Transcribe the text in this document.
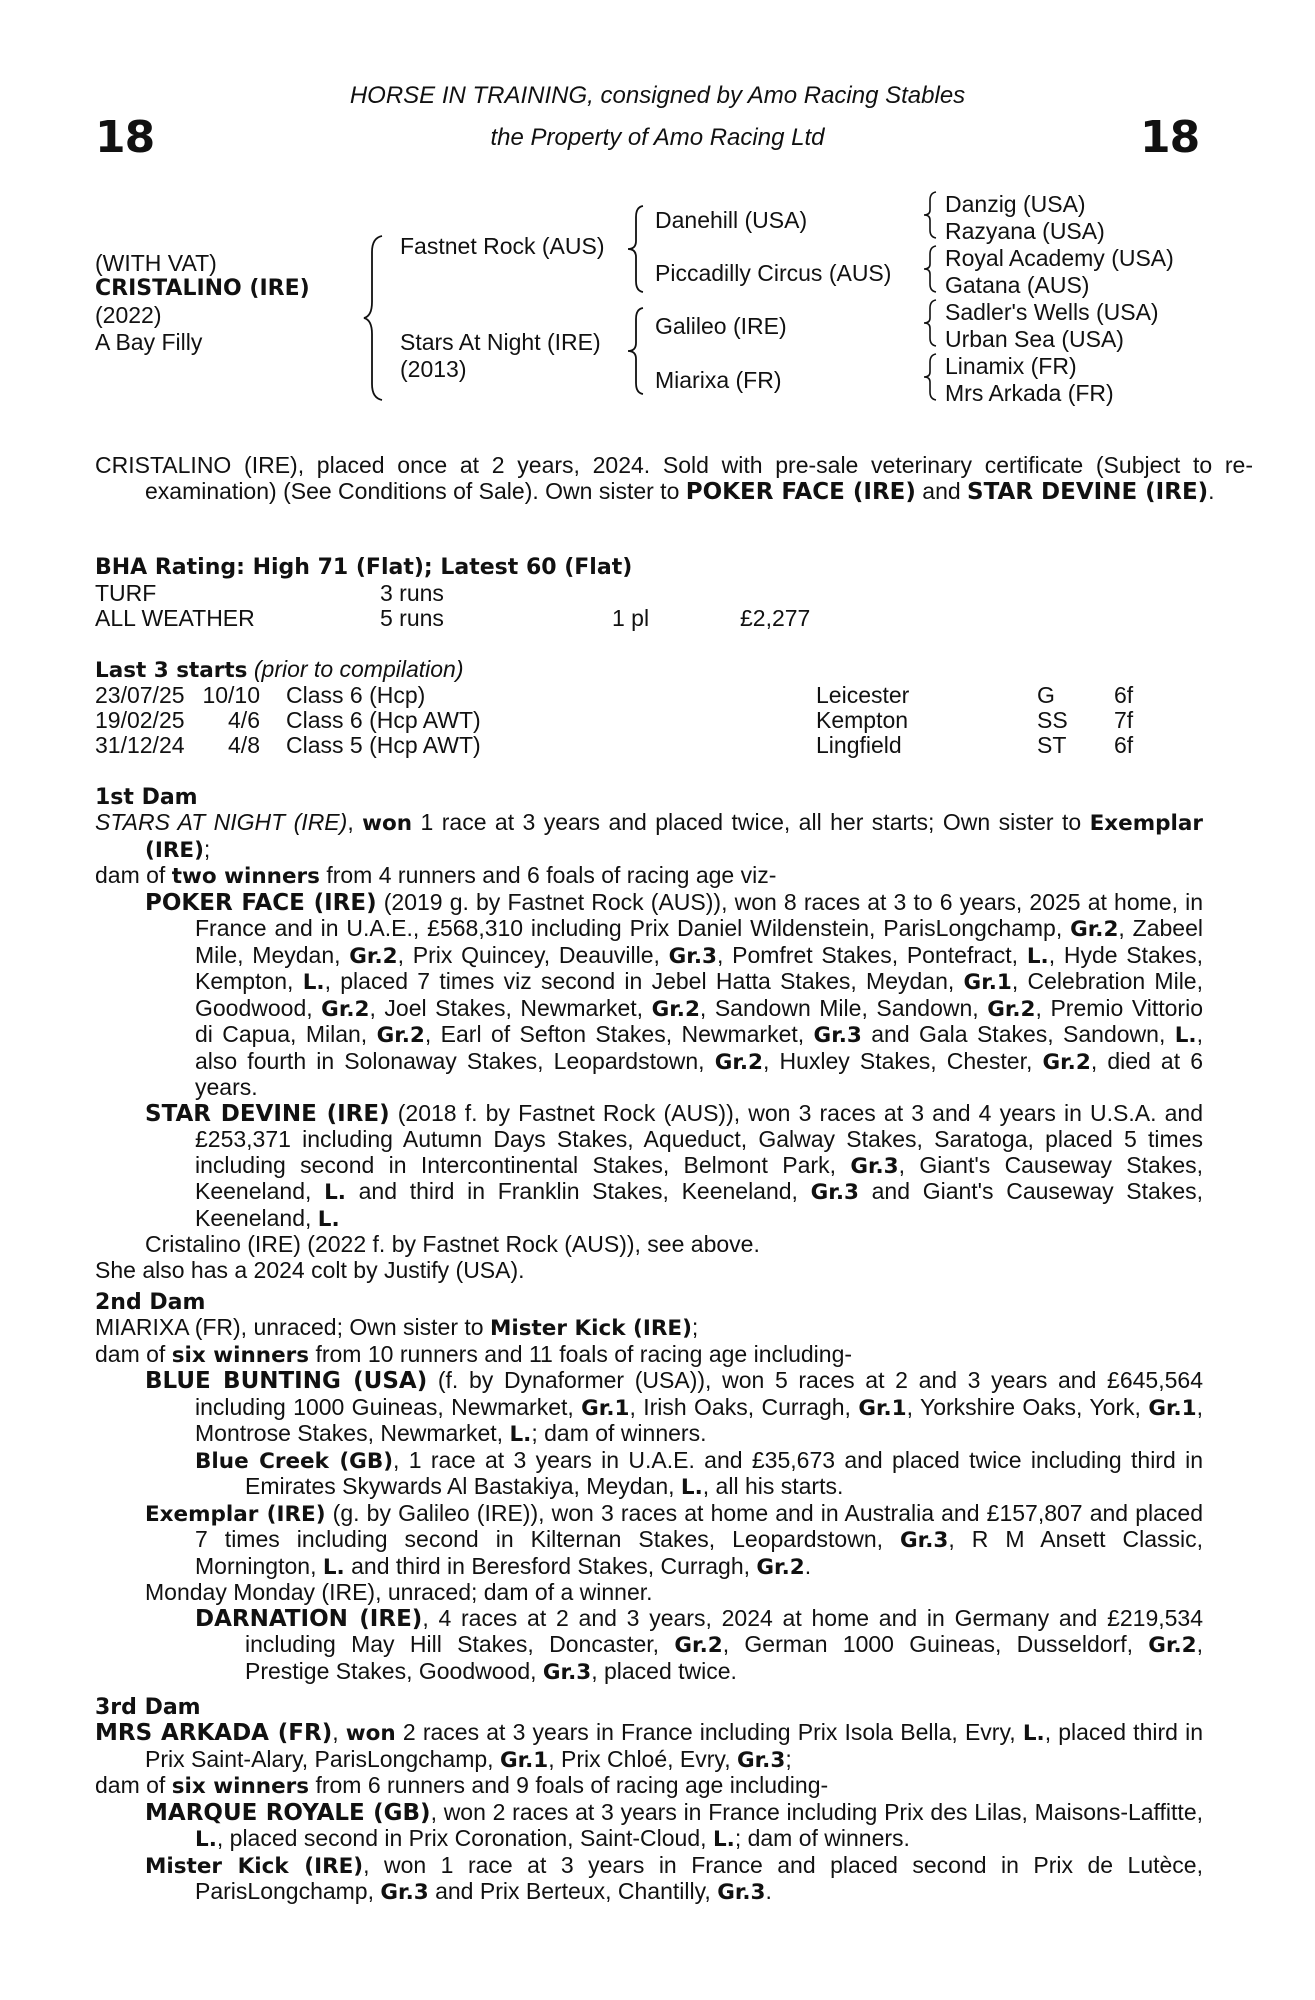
18
HORSE IN TRAINING, consigned by Amo Racing Stables
the Property of Amo Racing Ltd	18
(WITH VAT)
CRISTALINO (IRE)
(2022)
A Bay Filly
Fastnet Rock (AUS)
Stars At Night (IRE)
(2013)
Danehill (USA)
Piccadilly Circus (AUS)
Galileo (IRE)
Miarixa (FR)
Danzig (USA)
Razyana (USA)
Royal Academy (USA)
Gatana (AUS)
Sadler's Wells (USA)
Urban Sea (USA)
Linamix (FR)
Mrs Arkada (FR)
CRISTALINO (IRE), placed once at 2 years, 2024. Sold with pre-sale veterinary certificate (Subject to re-examination) (See Conditions of Sale). Own sister to POKER FACE (IRE) and STAR DEVINE (IRE).
BHA Rating: High 71 (Flat); Latest 60 (Flat)
TURF	3 runs
ALL WEATHER	5 runs	1 pl	£2,277
Last 3 starts (prior to compilation)
23/07/25 10/10 Class 6 (Hcp)	Leicester	G	6f
19/02/25	4/6 Class 6 (Hcp AWT)	Kempton	SS 7f
31/12/24	4/8 Class 5 (Hcp AWT)	Lingfield	ST 6f
1st Dam
STARS AT NIGHT (IRE), won 1 race at 3 years and placed twice, all her starts; Own sister to Exemplar (IRE);
dam of two winners from 4 runners and 6 foals of racing age viz-
POKER FACE (IRE) (2019 g. by Fastnet Rock (AUS)), won 8 races at 3 to 6 years, 2025 at home, in France and in U.A.E., £568,310 including Prix Daniel Wildenstein, ParisLongchamp, Gr.2, Zabeel Mile, Meydan, Gr.2, Prix Quincey, Deauville, Gr.3, Pomfret Stakes, Pontefract, L., Hyde Stakes, Kempton, L., placed 7 times viz second in Jebel Hatta Stakes, Meydan, Gr.1, Celebration Mile, Goodwood, Gr.2, Joel Stakes, Newmarket, Gr.2, Sandown Mile, Sandown, Gr.2, Premio Vittorio di Capua, Milan, Gr.2, Earl of Sefton Stakes, Newmarket, Gr.3 and Gala Stakes, Sandown, L., also fourth in Solonaway Stakes, Leopardstown, Gr.2, Huxley Stakes, Chester, Gr.2, died at 6 years.
STAR DEVINE (IRE) (2018 f. by Fastnet Rock (AUS)), won 3 races at 3 and 4 years in U.S.A. and £253,371 including Autumn Days Stakes, Aqueduct, Galway Stakes, Saratoga, placed 5 times including second in Intercontinental Stakes, Belmont Park, Gr.3, Giant's Causeway Stakes, Keeneland, L. and third in Franklin Stakes, Keeneland, Gr.3 and Giant's Causeway Stakes, Keeneland, L.
Cristalino (IRE) (2022 f. by Fastnet Rock (AUS)), see above.
She also has a 2024 colt by Justify (USA).
2nd Dam
MIARIXA (FR), unraced; Own sister to Mister Kick (IRE);
dam of six winners from 10 runners and 11 foals of racing age including-
BLUE BUNTING (USA) (f. by Dynaformer (USA)), won 5 races at 2 and 3 years and £645,564 including 1000 Guineas, Newmarket, Gr.1, Irish Oaks, Curragh, Gr.1, Yorkshire Oaks, York, Gr.1, Montrose Stakes, Newmarket, L.; dam of winners.
Blue Creek (GB), 1 race at 3 years in U.A.E. and £35,673 and placed twice including third in Emirates Skywards Al Bastakiya, Meydan, L., all his starts.
Exemplar (IRE) (g. by Galileo (IRE)), won 3 races at home and in Australia and £157,807 and placed 7 times including second in Kilternan Stakes, Leopardstown, Gr.3, R M Ansett Classic, Mornington, L. and third in Beresford Stakes, Curragh, Gr.2.
Monday Monday (IRE), unraced; dam of a winner.
DARNATION (IRE), 4 races at 2 and 3 years, 2024 at home and in Germany and £219,534 including May Hill Stakes, Doncaster, Gr.2, German 1000 Guineas, Dusseldorf, Gr.2, Prestige Stakes, Goodwood, Gr.3, placed twice.
3rd Dam
MRS ARKADA (FR), won 2 races at 3 years in France including Prix Isola Bella, Evry, L., placed third in Prix Saint-Alary, ParisLongchamp, Gr.1, Prix Chloé, Evry, Gr.3;
dam of six winners from 6 runners and 9 foals of racing age including-
MARQUE ROYALE (GB), won 2 races at 3 years in France including Prix des Lilas, Maisons-Laffitte, L., placed second in Prix Coronation, Saint-Cloud, L.; dam of winners.
Mister Kick (IRE), won 1 race at 3 years in France and placed second in Prix de Lutèce, ParisLongchamp, Gr.3 and Prix Berteux, Chantilly, Gr.3.
